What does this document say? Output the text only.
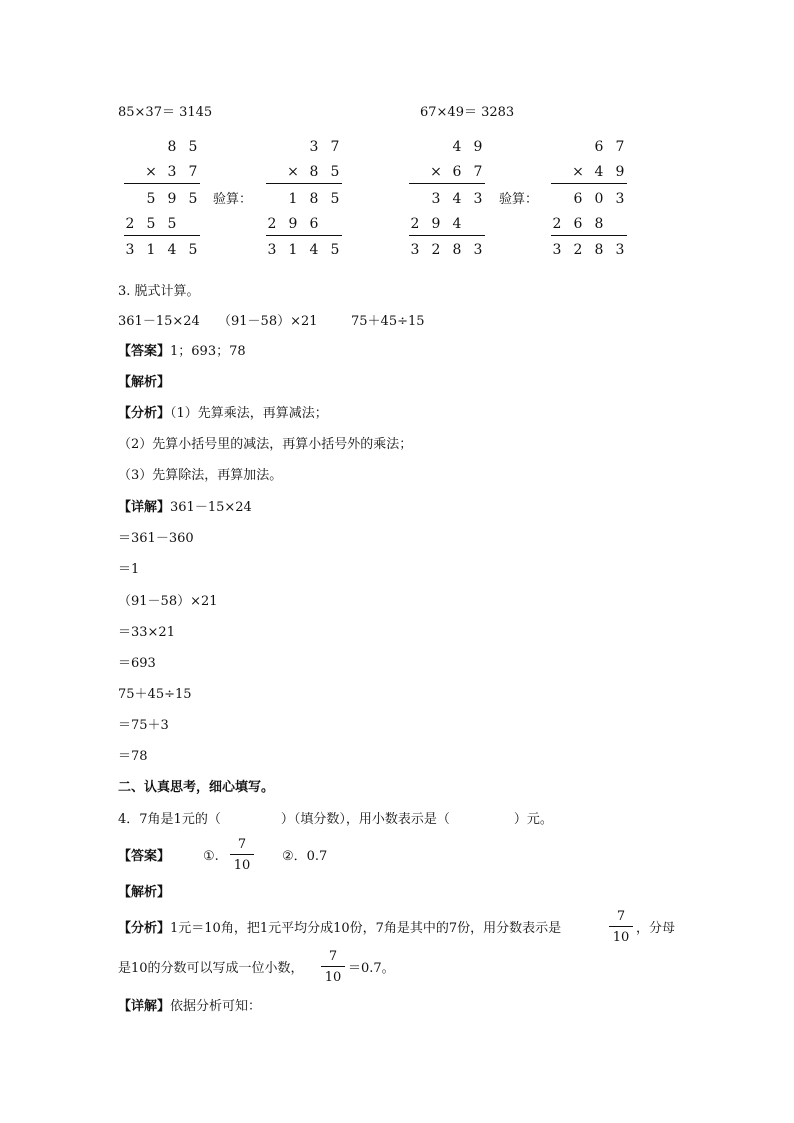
85×37＝ 3145	67×49＝ 3283
8 5
× 3 7
5 9 5
2 5 5
3 1 4 5
验算：
3 7
× 8 5
1 8 5
2 9 6
3 1 4 5
4 9
× 6 7
3 4 3
2 9 4
3 2 8 3
验算：
6 7
× 4 9
6 0 3
2 6 8
3 2 8 3
3. 脱式计算。
361－15×24 （91－58）×21	75＋45÷15
【答案】1；693；78
【解析】
【分析】（1）先算乘法，再算减法；
（2）先算小括号里的减法，再算小括号外的乘法；
（3）先算除法，再算加法。
【详解】361－15×24
＝361－360
＝1
（91－58）×21
＝33×21
＝693
75＋45÷15
＝75＋3
＝78
二、认真思考，细心填写。
4．7角是1元的（	）（填分数），用小数表示是（	）元。
【答案】	①.
7
10
②．0.7
【解析】
【分析】1元＝10角，把1元平均分成10份，7角是其中的7份，用分数表示是
7
10
，分母
是10的分数可以写成一位小数，
7
10
＝0.7。
【详解】依据分析可知：
